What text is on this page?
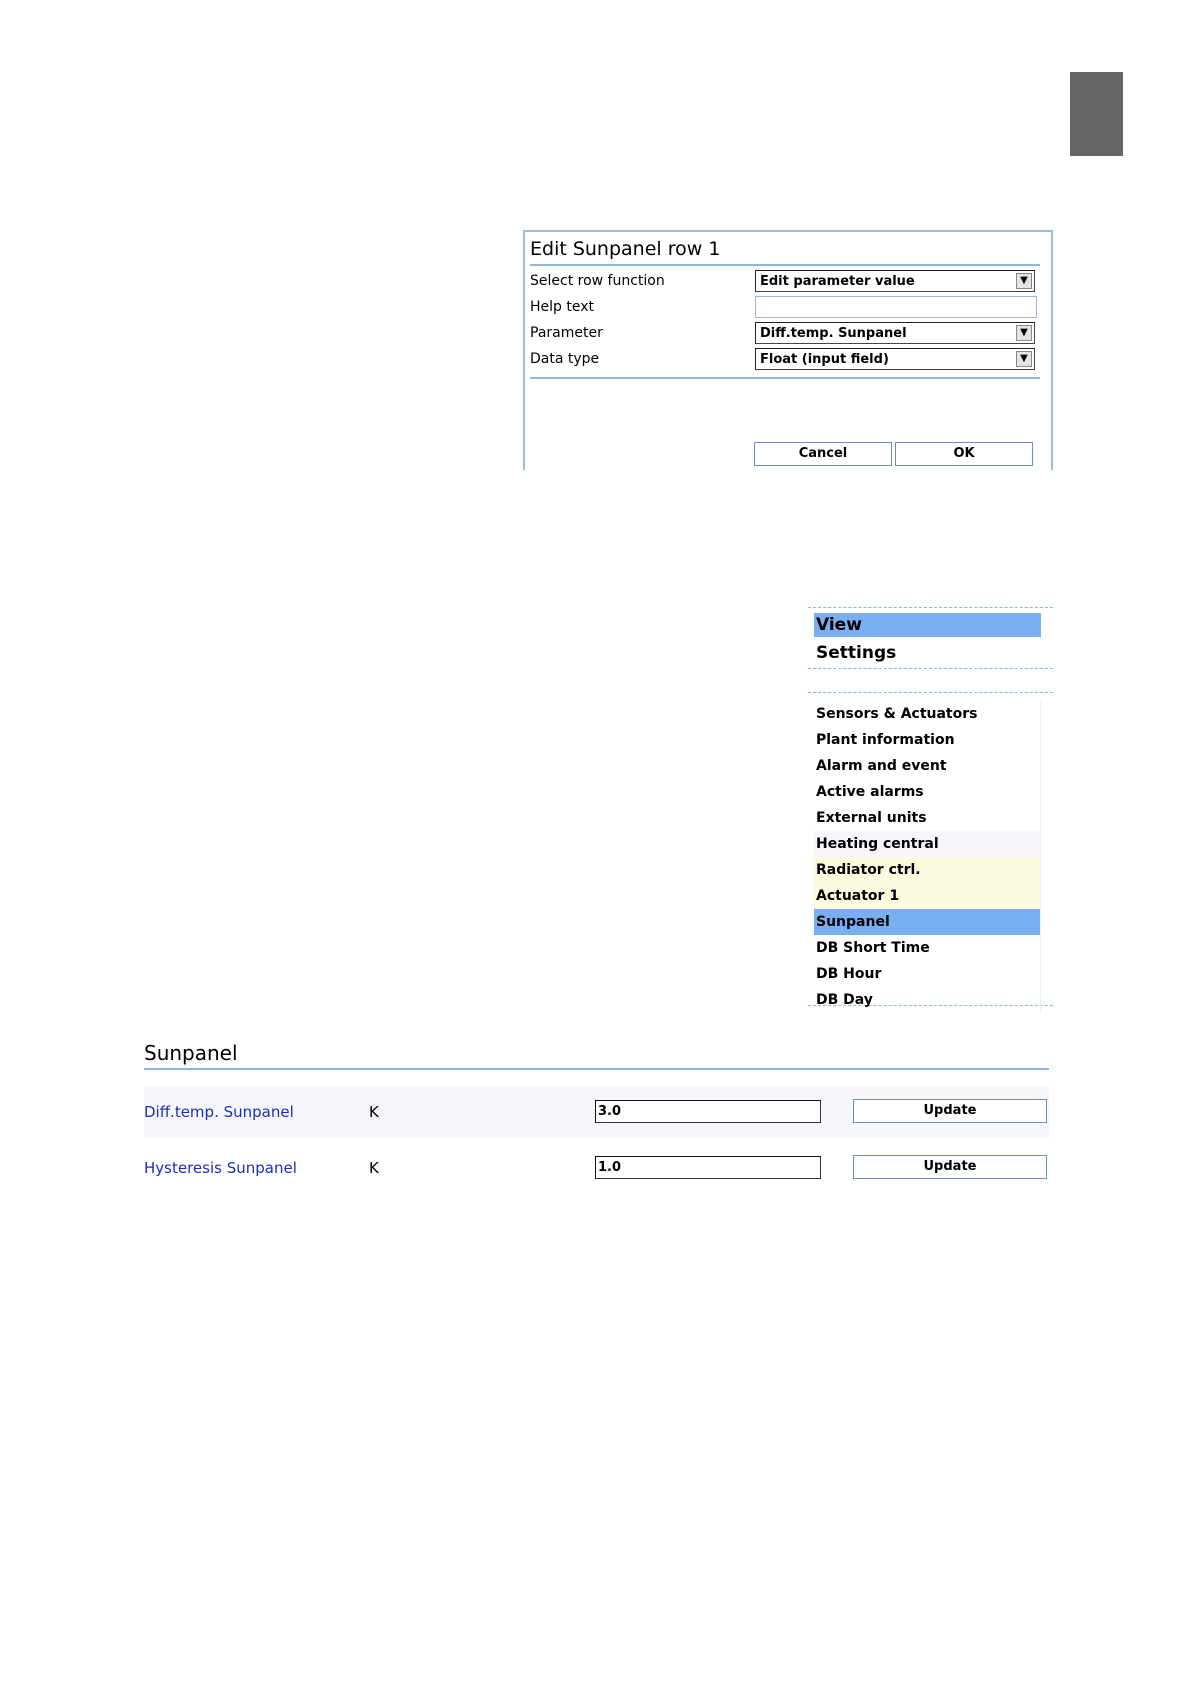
Edit Sunpanel row 1
Select row function	Edit parameter value	▼
Help text
Parameter	Diff.temp. Sunpanel	▼
Data type	Float (input field)	▼
Cancel	OK
View
Settings
Sensors & Actuators
Plant information
Alarm and event
Active alarms
External units
Heating central
Radiator ctrl.
Actuator 1
Sunpanel
DB Short Time
DB Hour
DB Day
Sunpanel
Diff.temp. Sunpanel	K	3.0	Update
Hysteresis Sunpanel	K	1.0	Update
